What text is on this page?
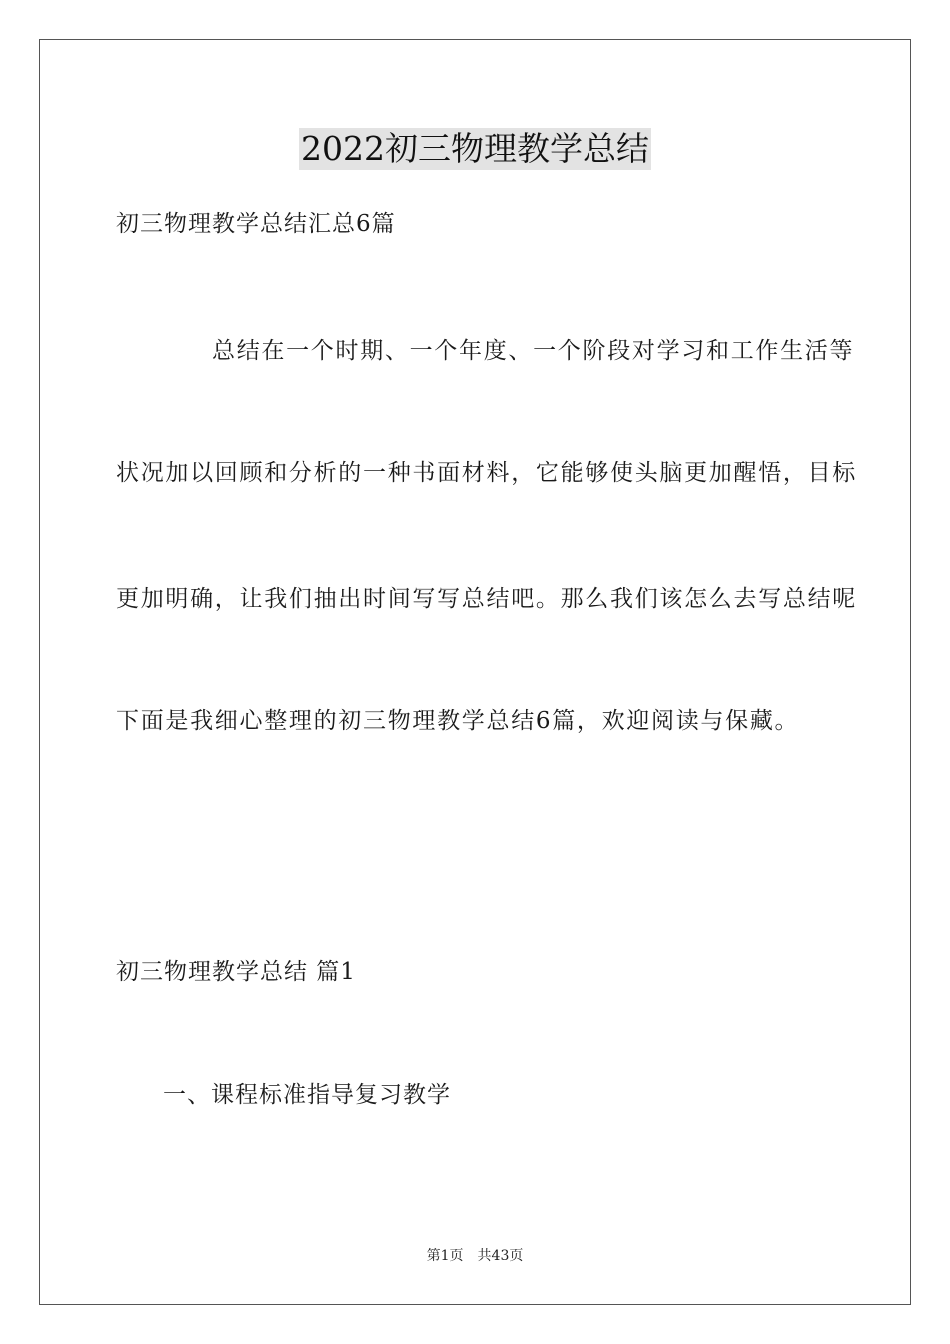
2022初三物理教学总结
初三物理教学总结汇总6篇
总结在一个时期、一个年度、一个阶段对学习和工作生活等
状况加以回顾和分析的一种书面材料，它能够使头脑更加醒悟，目标
更加明确，让我们抽出时间写写总结吧。那么我们该怎么去写总结呢
下面是我细心整理的初三物理教学总结6篇，欢迎阅读与保藏。
初三物理教学总结 篇1
一、课程标准指导复习教学
第1页 共43页
